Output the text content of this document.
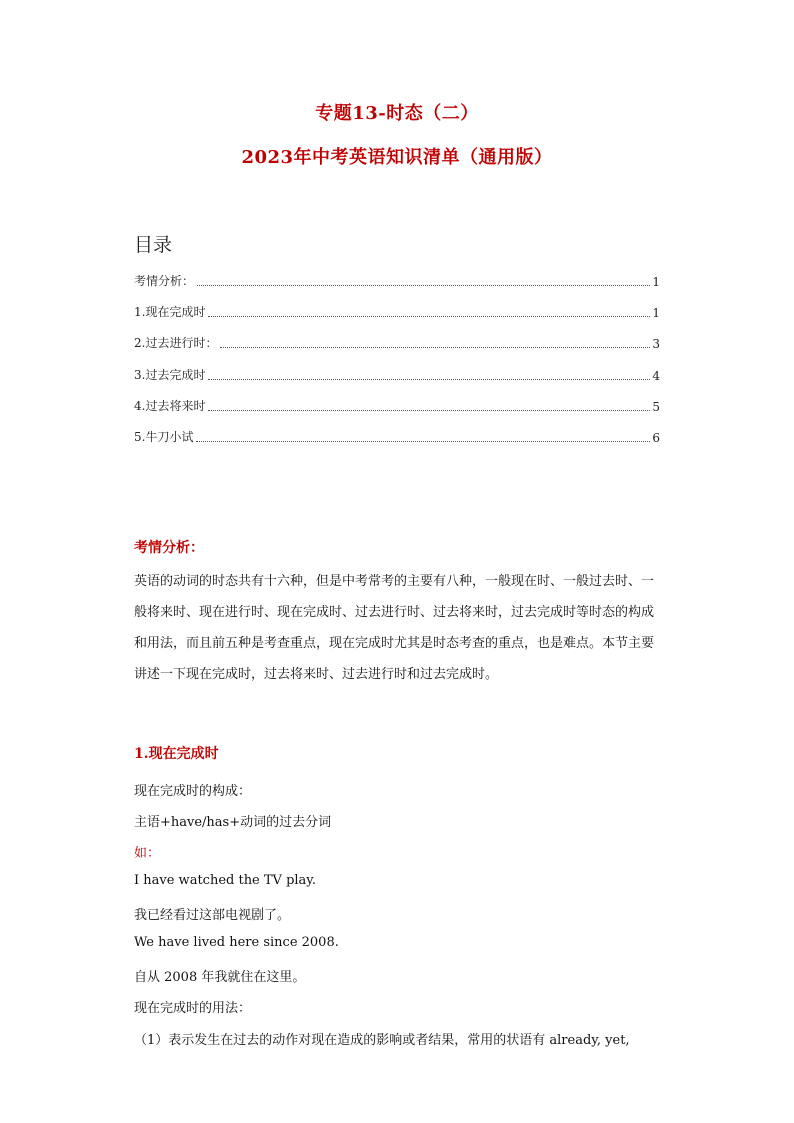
专题13-时态（二）
2023年中考英语知识清单（通用版）
目录
考情分析：	1
1.现在完成时	1
2.过去进行时：	3
3.过去完成时	4
4.过去将来时	5
5.牛刀小试	6
考情分析：
英语的动词的时态共有十六种，但是中考常考的主要有八种，一般现在时、一般过去时、一般将来时、现在进行时、现在完成时、过去进行时、过去将来时，过去完成时等时态的构成和用法，而且前五种是考查重点，现在完成时尤其是时态考查的重点，也是难点。本节主要讲述一下现在完成时，过去将来时、过去进行时和过去完成时。
1.现在完成时
现在完成时的构成：
主语+have/has+动词的过去分词
如：
I have watched the TV play.
我已经看过这部电视剧了。
We have lived here since 2008.
自从 2008 年我就住在这里。
现在完成时的用法：
（1）表示发生在过去的动作对现在造成的影响或者结果，常用的状语有 already, yet,
